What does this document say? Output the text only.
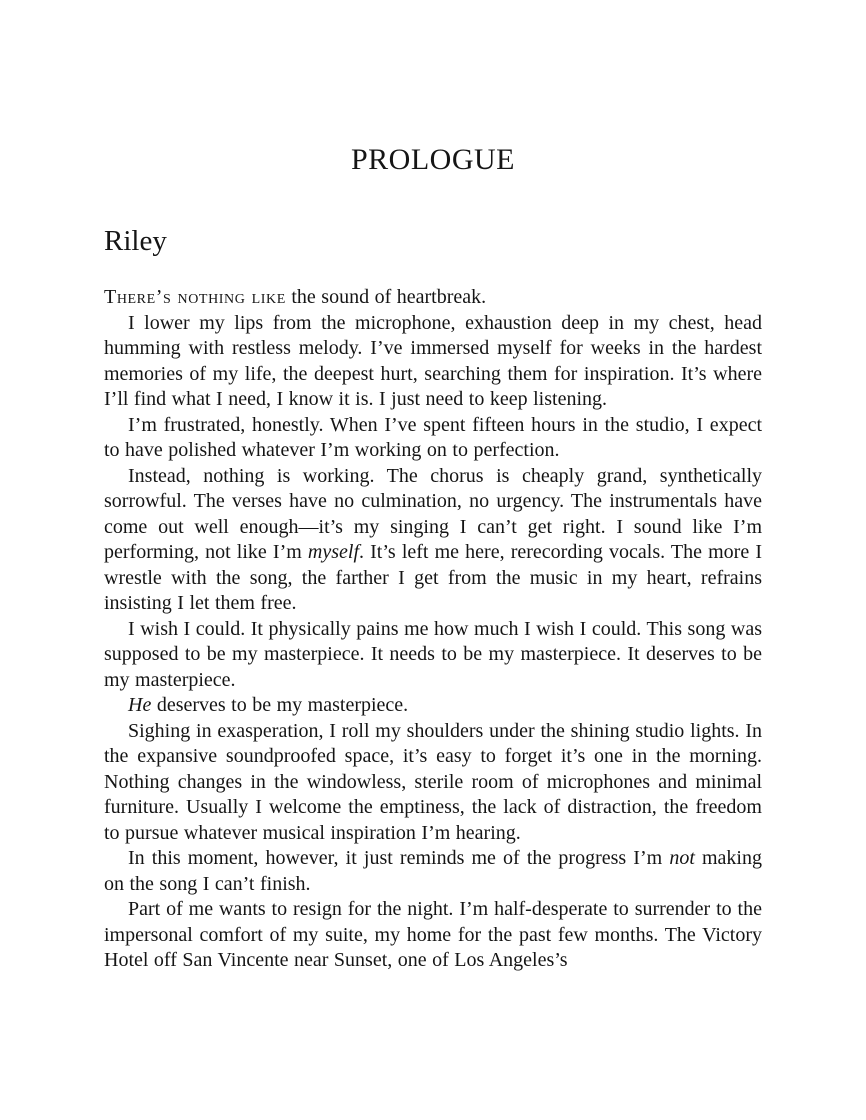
PROLOGUE
Riley

There’s nothing like the sound of heartbreak.

I lower my lips from the microphone, exhaustion deep in my chest, head humming with restless melody. I’ve immersed myself for weeks in the hardest memories of my life, the deepest hurt, searching them for inspiration. It’s where I’ll find what I need, I know it is. I just need to keep listening.

I’m frustrated, honestly. When I’ve spent fifteen hours in the studio, I expect to have polished whatever I’m working on to perfection.

Instead, nothing is working. The chorus is cheaply grand, synthetically sorrowful. The verses have no culmination, no urgency. The instrumentals have come out well enough—it’s my singing I can’t get right. I sound like I’m performing, not like I’m myself. It’s left me here, rerecording vocals. The more I wrestle with the song, the farther I get from the music in my heart, refrains insisting I let them free.

I wish I could. It physically pains me how much I wish I could. This song was supposed to be my masterpiece. It needs to be my masterpiece. It deserves to be my masterpiece.

He deserves to be my masterpiece.

Sighing in exasperation, I roll my shoulders under the shining studio lights. In the expansive soundproofed space, it’s easy to forget it’s one in the morning. Nothing changes in the windowless, sterile room of microphones and minimal furniture. Usually I welcome the emptiness, the lack of distraction, the freedom to pursue whatever musical inspiration I’m hearing.

In this moment, however, it just reminds me of the progress I’m not making on the song I can’t finish.

Part of me wants to resign for the night. I’m half-desperate to surrender to the impersonal comfort of my suite, my home for the past few months. The Victory Hotel off San Vincente near Sunset, one of Los Angeles’s
